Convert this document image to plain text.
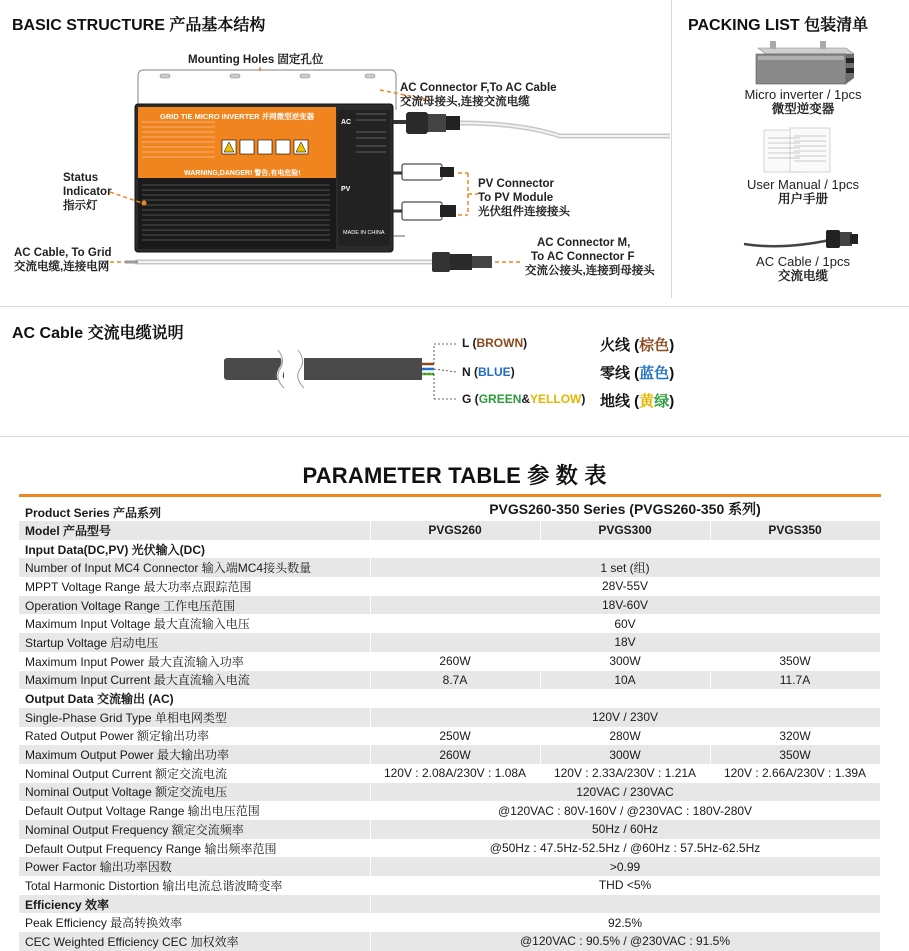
BASIC STRUCTURE 产品基本结构	PACKING LIST 包装清单
GRID TIE MICRO INVERTER 并网微型逆变器
WARNING,DANGER! 警告,有电危险!
MADE IN CHINA
AC
PV
Mounting Holes 固定孔位
AC Connector F,To AC Cable
交流母接头,连接交流电缆
Status
Indicator
指示灯
PV Connector
To PV Module
光伏组件连接接头
AC Cable, To Grid
交流电缆,连接电网
AC Connector M,
To AC Connector F
交流公接头,连接到母接头
Micro inverter / 1pcs
微型逆变器
User Manual / 1pcs
用户手册
AC Cable / 1pcs
交流电缆
AC Cable 交流电缆说明
L (BROWN)
N (BLUE)
G (GREEN&YELLOW)
火线 (棕色)
零线 (蓝色)
地线 (黄绿)
PARAMETER TABLE 参 数 表
Product Series 产品系列	PVGS260-350 Series (PVGS260-350 系列)		
Model 产品型号	PVGS260	PVGS300	PVGS350
Input Data(DC,PV) 光伏输入(DC)			
Number of Input MC4 Connector 输入端MC4接头数量	1 set (组)		
MPPT Voltage Range 最大功率点跟踪范围	28V-55V		
Operation Voltage Range 工作电压范围	18V-60V		
Maximum Input Voltage 最大直流输入电压	60V		
Startup Voltage 启动电压	18V		
Maximum Input Power 最大直流输入功率	260W	300W	350W
Maximum Input Current 最大直流输入电流	8.7A	10A	11.7A
Output Data 交流输出 (AC)			
Single-Phase Grid Type 单相电网类型	120V / 230V		
Rated Output Power 额定输出功率	250W	280W	320W
Maximum Output Power 最大输出功率	260W	300W	350W
Nominal Output Current 额定交流电流	120V : 2.08A/230V : 1.08A	120V : 2.33A/230V : 1.21A	120V : 2.66A/230V : 1.39A
Nominal Output Voltage 额定交流电压	120VAC / 230VAC		
Default Output Voltage Range 输出电压范围	@120VAC : 80V-160V / @230VAC : 180V-280V		
Nominal Output Frequency 额定交流频率	50Hz / 60Hz		
Default Output Frequency Range 输出频率范围	@50Hz : 47.5Hz-52.5Hz / @60Hz : 57.5Hz-62.5Hz		
Power Factor 输出功率因数	>0.99		
Total Harmonic Distortion 输出电流总谐波畸变率	THD <5%		
Efficiency 效率			
Peak Efficiency 最高转换效率	92.5%		
CEC Weighted Efficiency CEC 加权效率	@120VAC : 90.5% / @230VAC : 91.5%		
